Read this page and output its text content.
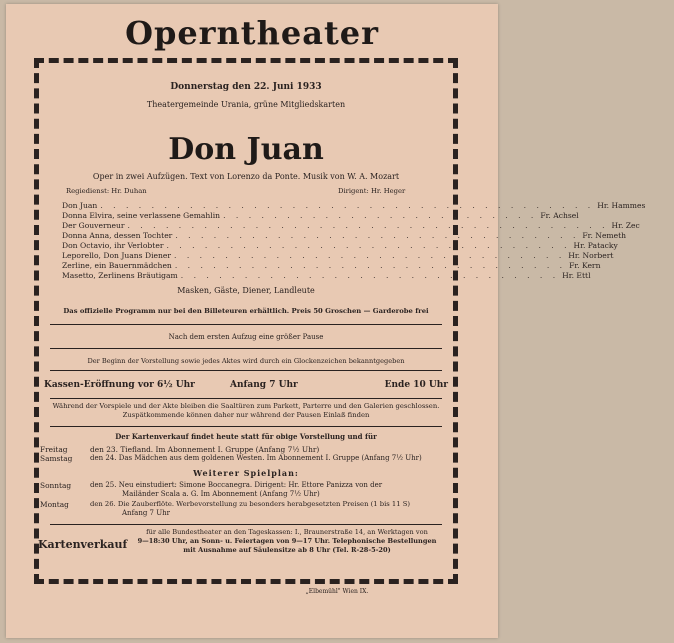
Operntheater
Donnerstag den 22. Juni 1933
Theatergemeinde Urania, grüne Mitgliedskarten
Don Juan
Oper in zwei Aufzügen. Text von Lorenzo da Ponte. Musik von W. A. Mozart
Regiedienst: Hr. Duhan	Dirigent: Hr. Heger
Don Juan . . . . . . . . . . . . . . . . . . . . . . . . . . . . . . . . . . . . . . . Hr. Hammes
Donna Elvira, seine verlassene Gemahlin . . . . . . . . . . . . . . . . . . . . . . . . . Fr. Achsel
Der Gouverneur . . . . . . . . . . . . . . . . . . . . . . . . . . . . . . . . . . . . . . Hr. Zec
Donna Anna, dessen Tochter . . . . . . . . . . . . . . . . . . . . . . . . . . . . . . . . Fr. Nemeth
Don Octavio, ihr Verlobter . . . . . . . . . . . . . . . . . . . . . . . . . . . . . . . . Hr. Patacky
Leporello, Don Juans Diener . . . . . . . . . . . . . . . . . . . . . . . . . . . . . . . Hr. Norbert
Zerline, ein Bauernmädchen . . . . . . . . . . . . . . . . . . . . . . . . . . . . . . . Fr. Kern
Masetto, Zerlinens Bräutigam . . . . . . . . . . . . . . . . . . . . . . . . . . . . . . Hr. Ettl
Masken, Gäste, Diener, Landleute
Das offizielle Programm nur bei den Billeteuren erhältlich. Preis 50 Groschen — Garderobe frei
Nach dem ersten Aufzug eine größer Pause
Der Beginn der Vorstellung sowie jedes Aktes wird durch ein Glockenzeichen bekanntgegeben
Kassen-Eröffnung vor 6½ Uhr	Anfang 7 Uhr	Ende 10 Uhr
Während der Vorspiele und der Akte bleiben die Saaltüren zum Parkett, Parterre und den Galerien geschlossen. Zuspätkommende können daher nur während der Pausen Einlaß finden
Der Kartenverkauf findet heute statt für obige Vorstellung und für
Freitag	den 23. Tiefland. Im Abonnement I. Gruppe (Anfang 7½ Uhr)
Samstag	den 24. Das Mädchen aus dem goldenen Westen. Im Abonnement I. Gruppe (Anfang 7½ Uhr)
Weiterer Spielplan:
Sonntag	den 25. Neu einstudiert: Simone Boccanegra. Dirigent: Hr. Ettore Panizza von der
Mailänder Scala a. G. Im Abonnement (Anfang 7½ Uhr)
Montag	den 26. Die Zauberflöte. Werbevorstellung zu besonders herabgesetzten Preisen (1 bis 11 S)
Anfang 7 Uhr
Kartenverkauf
für alle Bundestheater an den Tageskassen: I., Braunerstraße 14, an Werktagen von
9—18:30 Uhr, an Sonn- u. Feiertagen von 9—17 Uhr. Telephonische Bestellungen
mit Ausnahme auf Säulensitze ab 8 Uhr (Tel. R-28-5-20)
„Elbemühl" Wien IX.
